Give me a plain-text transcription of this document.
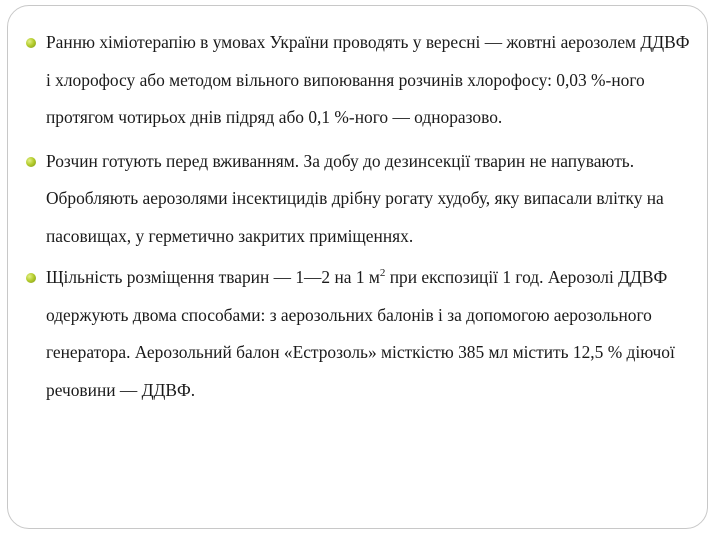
Ранню хіміотерапію в умовах України проводять у вересні — жовтні аерозолем ДДВФ і хлорофосу або методом вільного випоювання розчинів хлорофосу: 0,03 %-ного протягом чотирьох днів підряд або 0,1 %-ного — одноразово.

Розчин готують перед вживанням. За добу до дезинсекції тварин не напувають. Обробляють аерозолями інсектицидів дрібну рогату худобу, яку випасали влітку на пасовищах, у герметично закритих приміщеннях.

Щільність розміщення тварин — 1—2 на 1 $м^2$ при експозиції 1 год. Аерозолі ДДВФ одержують двома способами: з аерозольних балонів і за допомогою аерозольного генератора. Аерозольний балон «Естрозоль» місткістю 385 мл містить 12,5 % діючої речовини — ДДВФ.
